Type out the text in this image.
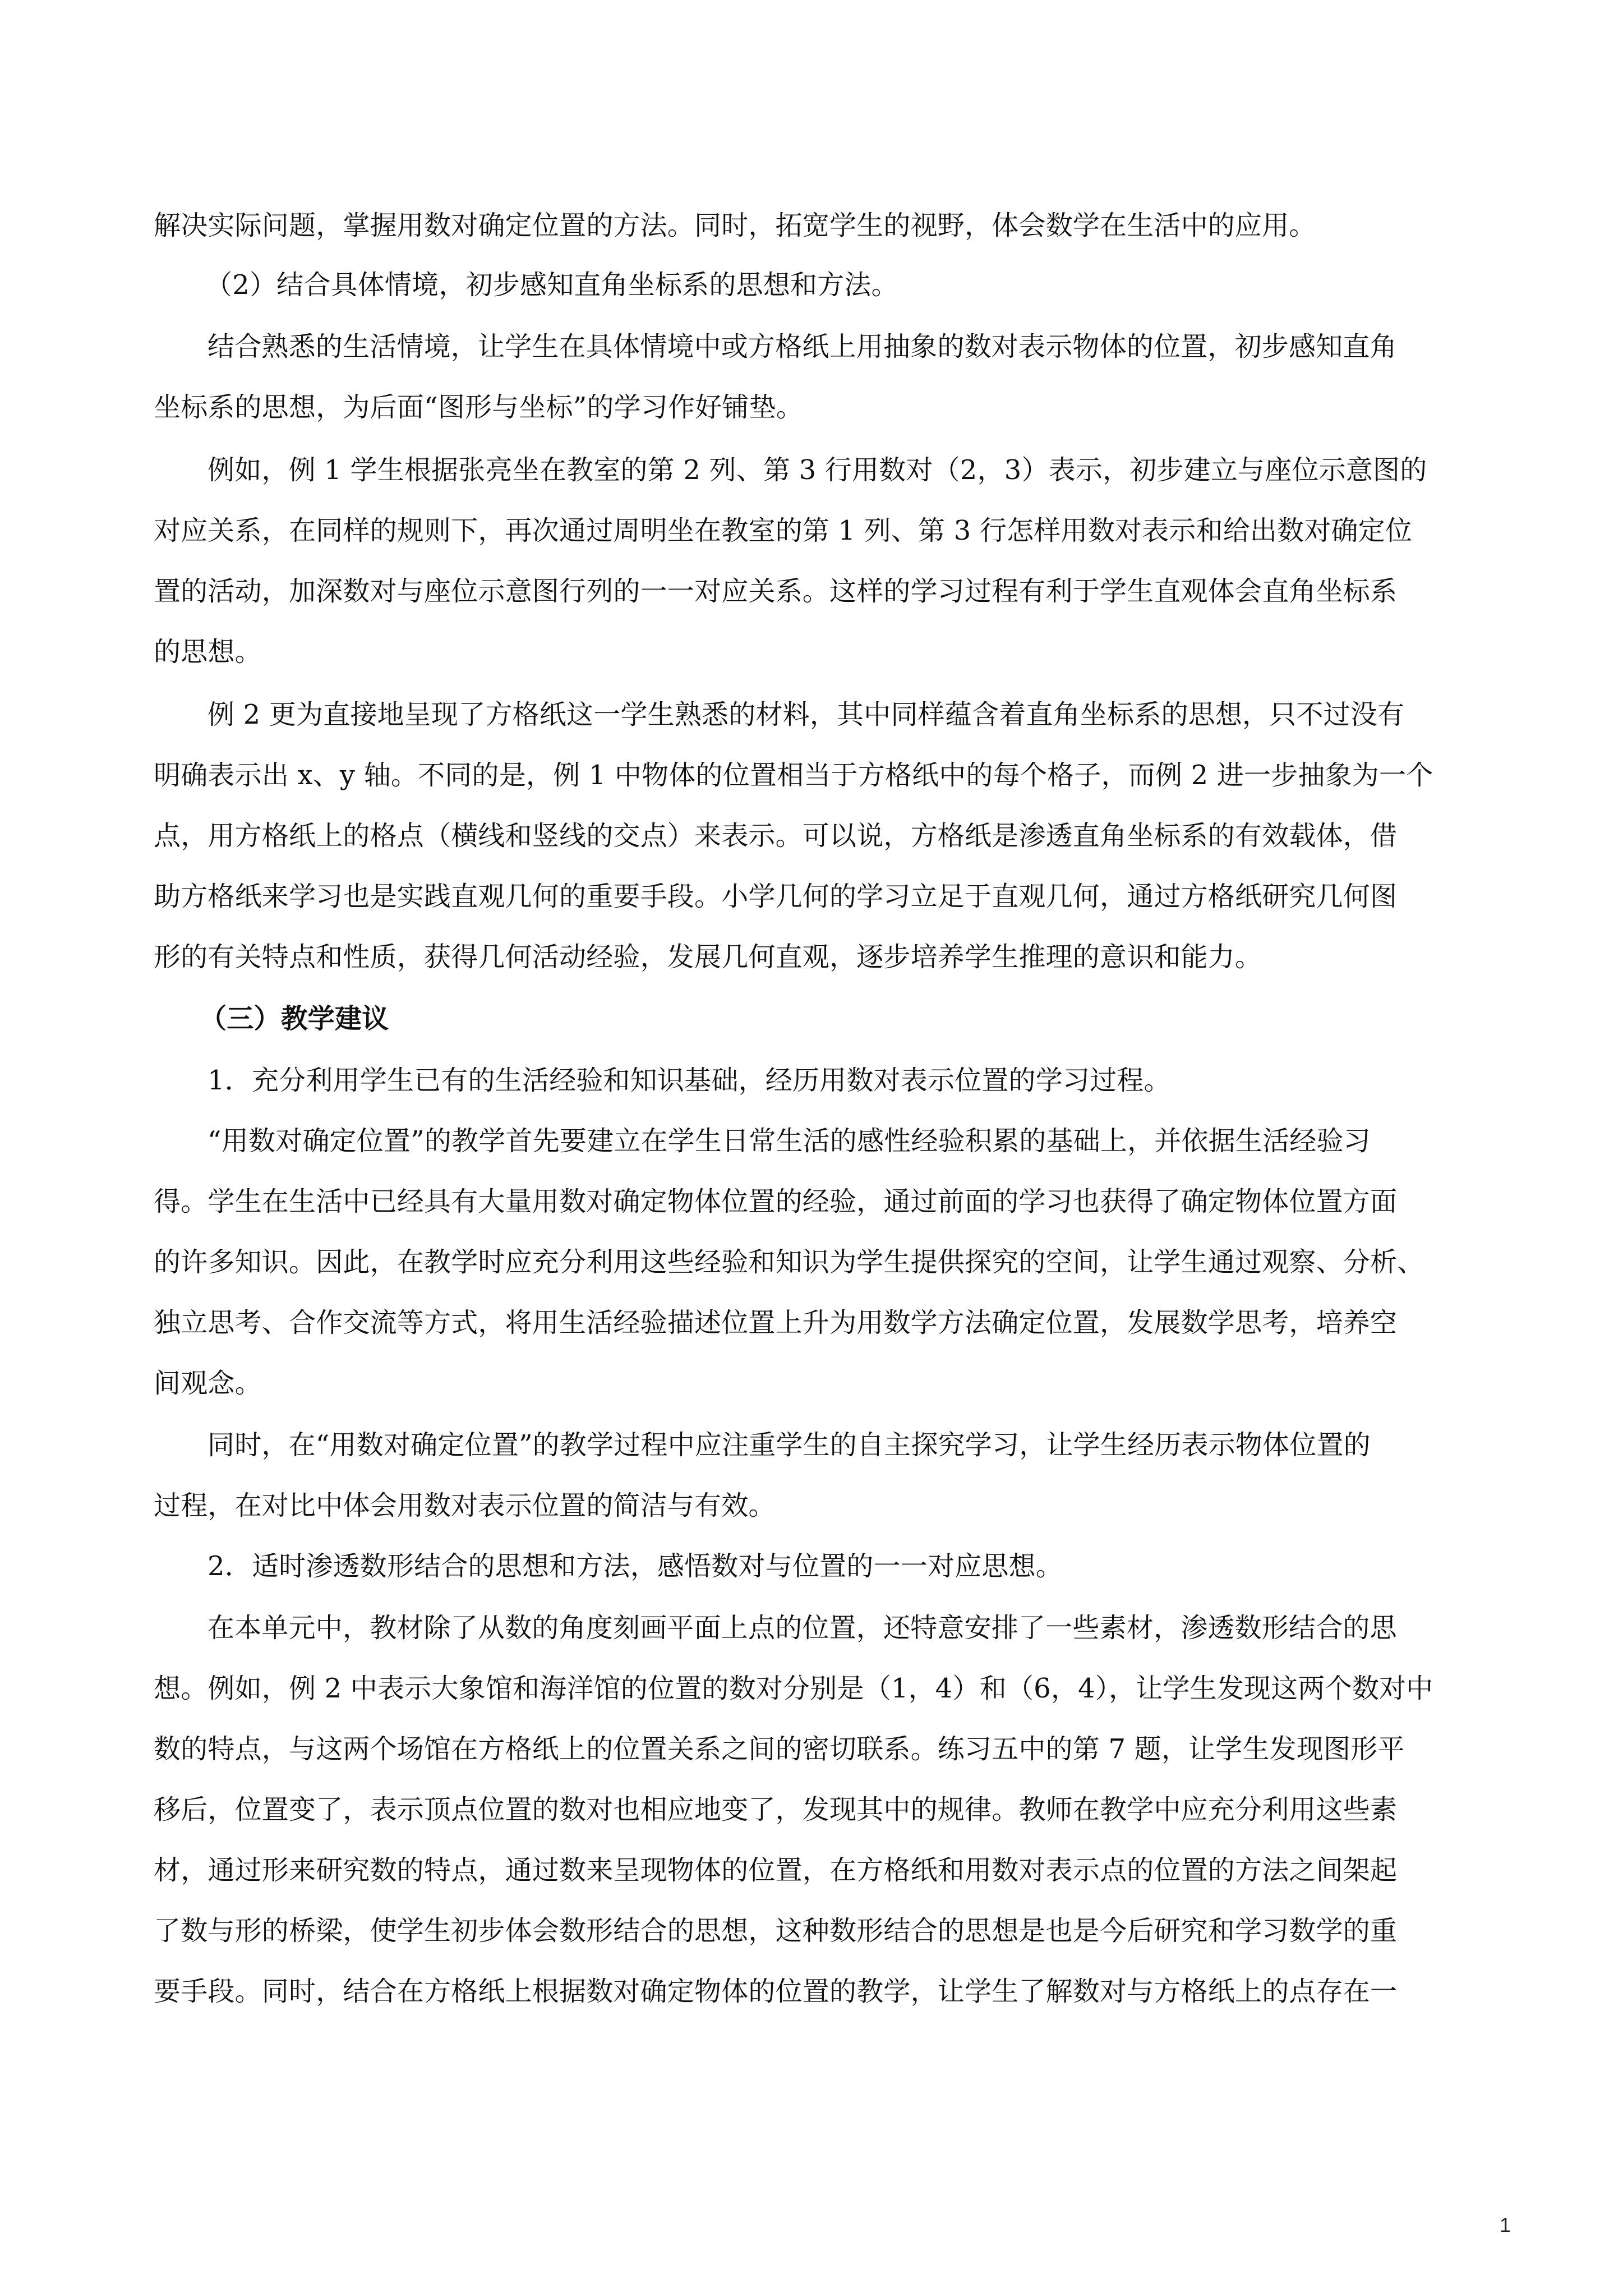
解决实际问题，掌握用数对确定位置的方法。同时，拓宽学生的视野，体会数学在生活中的应用。
（2）结合具体情境，初步感知直角坐标系的思想和方法。
结合熟悉的生活情境，让学生在具体情境中或方格纸上用抽象的数对表示物体的位置，初步感知直角
坐标系的思想，为后面“图形与坐标”的学习作好铺垫。
例如，例 1 学生根据张亮坐在教室的第 2 列、第 3 行用数对（2，3）表示，初步建立与座位示意图的
对应关系，在同样的规则下，再次通过周明坐在教室的第 1 列、第 3 行怎样用数对表示和给出数对确定位
置的活动，加深数对与座位示意图行列的一一对应关系。这样的学习过程有利于学生直观体会直角坐标系
的思想。
例 2 更为直接地呈现了方格纸这一学生熟悉的材料，其中同样蕴含着直角坐标系的思想，只不过没有
明确表示出 x、y 轴。不同的是，例 1 中物体的位置相当于方格纸中的每个格子，而例 2 进一步抽象为一个
点，用方格纸上的格点（横线和竖线的交点）来表示。可以说，方格纸是渗透直角坐标系的有效载体，借
助方格纸来学习也是实践直观几何的重要手段。小学几何的学习立足于直观几何，通过方格纸研究几何图
形的有关特点和性质，获得几何活动经验，发展几何直观，逐步培养学生推理的意识和能力。
（三）教学建议
1．充分利用学生已有的生活经验和知识基础，经历用数对表示位置的学习过程。
“用数对确定位置”的教学首先要建立在学生日常生活的感性经验积累的基础上，并依据生活经验习
得。学生在生活中已经具有大量用数对确定物体位置的经验，通过前面的学习也获得了确定物体位置方面
的许多知识。因此，在教学时应充分利用这些经验和知识为学生提供探究的空间，让学生通过观察、分析、
独立思考、合作交流等方式，将用生活经验描述位置上升为用数学方法确定位置，发展数学思考，培养空
间观念。
同时，在“用数对确定位置”的教学过程中应注重学生的自主探究学习，让学生经历表示物体位置的
过程，在对比中体会用数对表示位置的简洁与有效。
2．适时渗透数形结合的思想和方法，感悟数对与位置的一一对应思想。
在本单元中，教材除了从数的角度刻画平面上点的位置，还特意安排了一些素材，渗透数形结合的思
想。例如，例 2 中表示大象馆和海洋馆的位置的数对分别是（1，4）和（6，4），让学生发现这两个数对中
数的特点，与这两个场馆在方格纸上的位置关系之间的密切联系。练习五中的第 7 题，让学生发现图形平
移后，位置变了，表示顶点位置的数对也相应地变了，发现其中的规律。教师在教学中应充分利用这些素
材，通过形来研究数的特点，通过数来呈现物体的位置，在方格纸和用数对表示点的位置的方法之间架起
了数与形的桥梁，使学生初步体会数形结合的思想，这种数形结合的思想是也是今后研究和学习数学的重
要手段。同时，结合在方格纸上根据数对确定物体的位置的教学，让学生了解数对与方格纸上的点存在一
1
